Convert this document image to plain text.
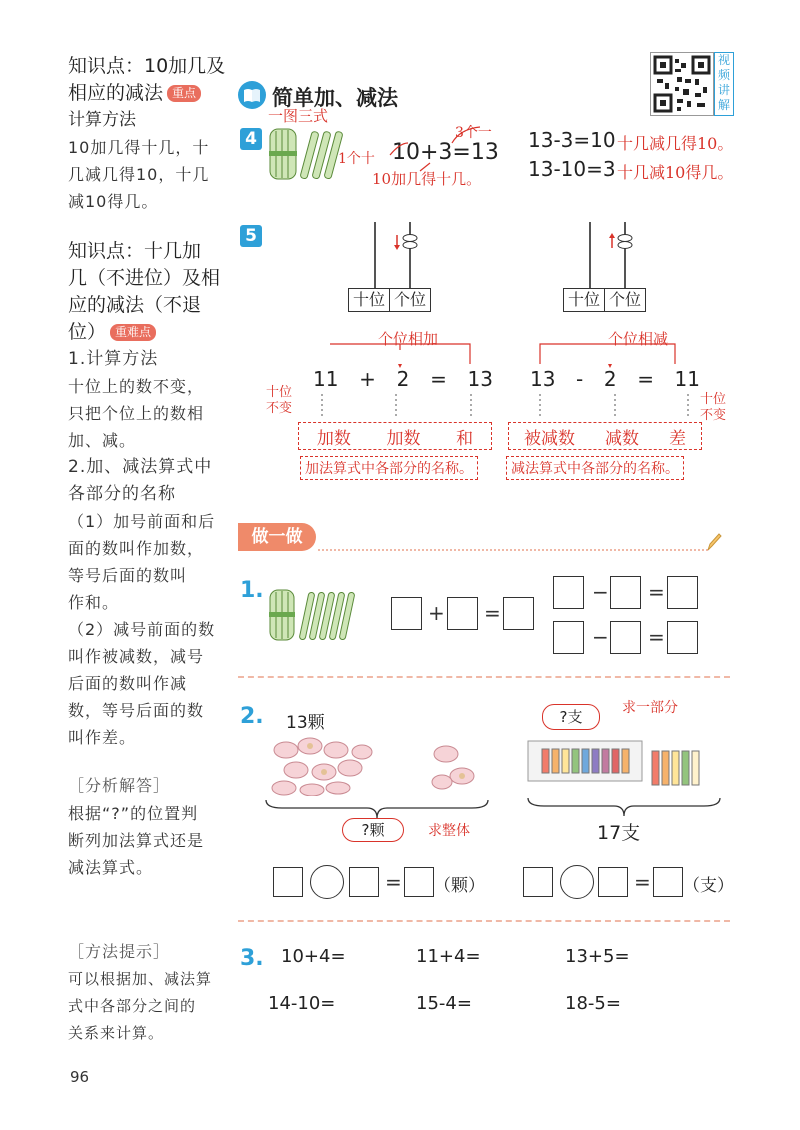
知识点：10加几及
相应的减法 重点
计算方法

10加几得十几，十

几减几得10，十几

减10得几。

知识点：十几加

几（不进位）及相

应的减法（不退

位） 重难点

1.计算方法

十位上的数不变，

只把个位上的数相

加、减。

2.加、减法算式中

各部分的名称

（1）加号前面和后

面的数叫作加数，

等号后面的数叫

作和。

（2）减号前面的数

叫作被减数，减号

后面的数叫作减

数，等号后面的数

叫作差。

［分析解答］

根据“?”的位置判

断列加法算式还是

减法算式。

［方法提示］

可以根据加、减法算

式中各部分之间的

关系来计算。

96
简单加、减法
视
频
讲
解
4
一图三式
10+3=13
1个十
3个一
10加几得十几。
13-3=10 十几减几得10。
13-10=3 十几减10得几。
5
十位 个位	十位 个位
个位相加
11 + 2 = 13
十位
不变
加数 加数 和
加法算式中各部分的名称。
个位相减
13 - 2 = 11
十位
不变
被减数 减数 差
减法算式中各部分的名称。
做一做
1.
+ =
− =
− =
2. 13颗
?颗	求整体
= （颗）
?支	求一部分
17支
= （支）
3. 10+4=	11+4=	13+5=
14-10=	15-4=	18-5=
